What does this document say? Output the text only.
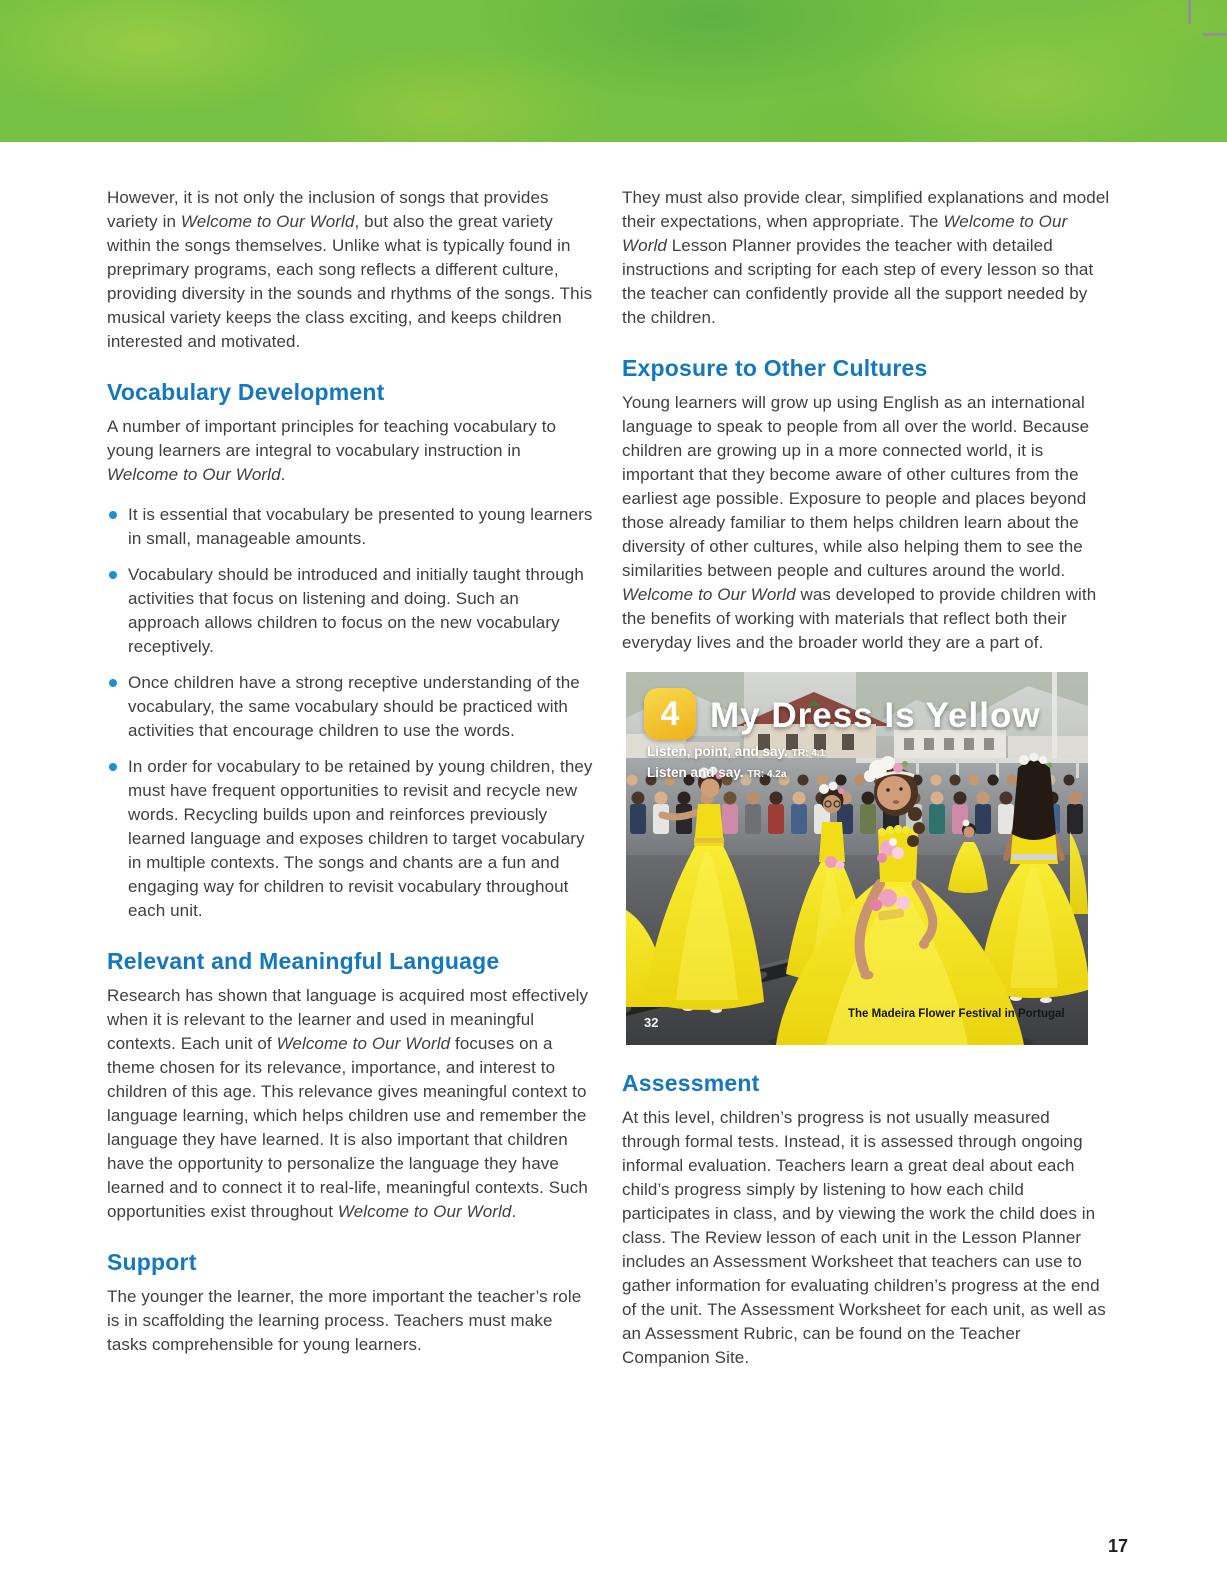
However, it is not only the inclusion of songs that provides variety in Welcome to Our World, but also the great variety within the songs themselves. Unlike what is typically found in preprimary programs, each song reflects a different culture, providing diversity in the sounds and rhythms of the songs. This musical variety keeps the class exciting, and keeps children interested and motivated.

Vocabulary Development

A number of important principles for teaching vocabulary to young learners are integral to vocabulary instruction in Welcome to Our World.

It is essential that vocabulary be presented to young learners in small, manageable amounts.
Vocabulary should be introduced and initially taught through activities that focus on listening and doing. Such an approach allows children to focus on the new vocabulary receptively.
Once children have a strong receptive understanding of the vocabulary, the same vocabulary should be practiced with activities that encourage children to use the words.
In order for vocabulary to be retained by young children, they must have frequent opportunities to revisit and recycle new words. Recycling builds upon and reinforces previously learned language and exposes children to target vocabulary in multiple contexts. The songs and chants are a fun and engaging way for children to revisit vocabulary throughout each unit.
Relevant and Meaningful Language

Research has shown that language is acquired most effectively when it is relevant to the learner and used in meaningful contexts. Each unit of Welcome to Our World focuses on a theme chosen for its relevance, importance, and interest to children of this age. This relevance gives meaningful context to language learning, which helps children use and remember the language they have learned. It is also important that children have the opportunity to personalize the language they have learned and to connect it to real-life, meaningful contexts. Such opportunities exist throughout Welcome to Our World.

Support

The younger the learner, the more important the teacher’s role is in scaffolding the learning process. Teachers must make tasks comprehensible for young learners.

They must also provide clear, simplified explanations and model their expectations, when appropriate. The Welcome to Our World Lesson Planner provides the teacher with detailed instructions and scripting for each step of every lesson so that the teacher can confidently provide all the support needed by the children.

Exposure to Other Cultures

Young learners will grow up using English as an international language to speak to people from all over the world. Because children are growing up in a more connected world, it is important that they become aware of other cultures from the earliest age possible. Exposure to people and places beyond those already familiar to them helps children learn about the diversity of other cultures, while also helping them to see the similarities between people and cultures around the world. Welcome to Our World was developed to provide children with the benefits of working with materials that reflect both their everyday lives and the broader world they are a part of.

4 My Dress Is Yellow
Listen, point, and say. TR: 4.1
Listen and say. TR: 4.2a
The Madeira Flower Festival in Portugal
32
Assessment

At this level, children’s progress is not usually measured through formal tests. Instead, it is assessed through ongoing informal evaluation. Teachers learn a great deal about each child’s progress simply by listening to how each child participates in class, and by viewing the work the child does in class. The Review lesson of each unit in the Lesson Planner includes an Assessment Worksheet that teachers can use to gather information for evaluating children’s progress at the end of the unit. The Assessment Worksheet for each unit, as well as an Assessment Rubric, can be found on the Teacher Companion Site.

17
